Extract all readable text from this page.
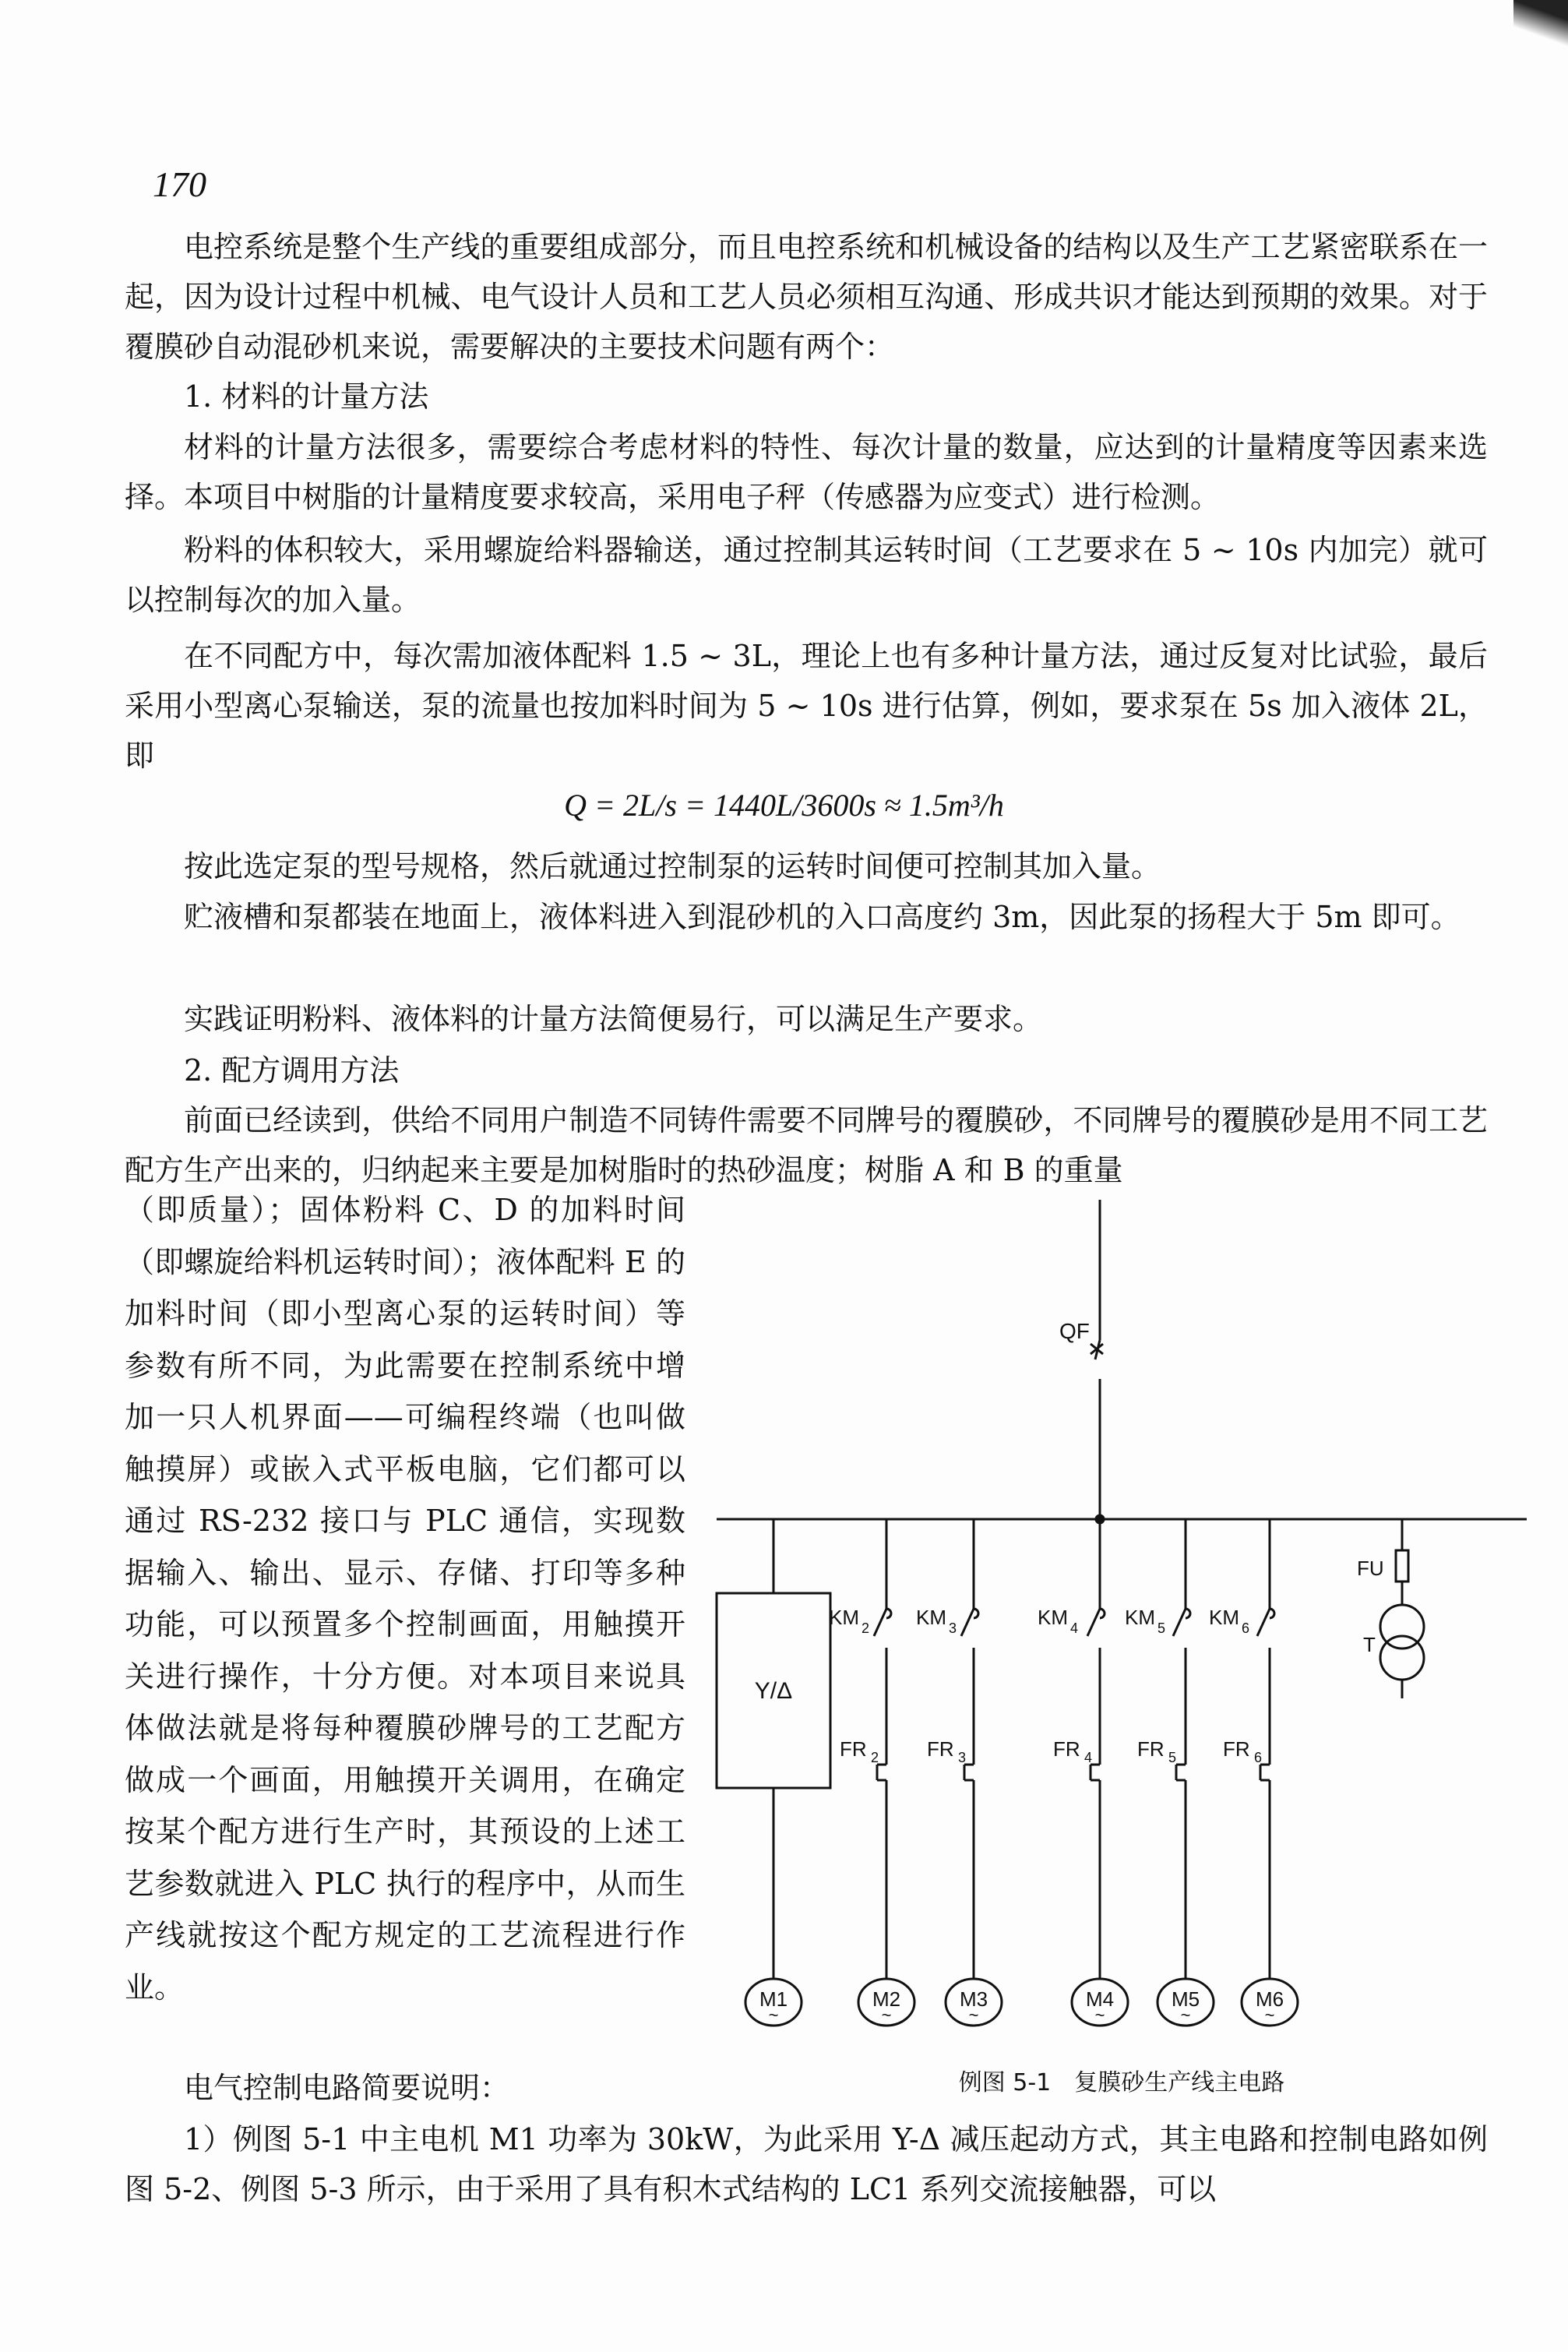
170

电控系统是整个生产线的重要组成部分，而且电控系统和机械设备的结构以及生产工艺紧密联系在一起，因为设计过程中机械、电气设计人员和工艺人员必须相互沟通、形成共识才能达到预期的效果。对于覆膜砂自动混砂机来说，需要解决的主要技术问题有两个：

1. 材料的计量方法

材料的计量方法很多，需要综合考虑材料的特性、每次计量的数量，应达到的计量精度等因素来选择。本项目中树脂的计量精度要求较高，采用电子秤（传感器为应变式）进行检测。

粉料的体积较大，采用螺旋给料器输送，通过控制其运转时间（工艺要求在 5 ~ 10s 内加完）就可以控制每次的加入量。

在不同配方中，每次需加液体配料 1.5 ~ 3L，理论上也有多种计量方法，通过反复对比试验，最后采用小型离心泵输送，泵的流量也按加料时间为 5 ~ 10s 进行估算，例如，要求泵在 5s 加入液体 2L，即

Q = 2L/s = 1440L/3600s ≈ 1.5m³/h

按此选定泵的型号规格，然后就通过控制泵的运转时间便可控制其加入量。

贮液槽和泵都装在地面上，液体料进入到混砂机的入口高度约 3m，因此泵的扬程大于 5m 即可。

实践证明粉料、液体料的计量方法简便易行，可以满足生产要求。

2. 配方调用方法

前面已经读到，供给不同用户制造不同铸件需要不同牌号的覆膜砂，不同牌号的覆膜砂是用不同工艺配方生产出来的，归纳起来主要是加树脂时的热砂温度；树脂 A 和 B 的重量

（即质量）；固体粉料 C、D 的加料时间（即螺旋给料机运转时间）；液体配料 E 的加料时间（即小型离心泵的运转时间）等参数有所不同，为此需要在控制系统中增加一只人机界面——可编程终端（也叫做触摸屏）或嵌入式平板电脑，它们都可以通过 RS-232 接口与 PLC 通信，实现数据输入、输出、显示、存储、打印等多种功能，可以预置多个控制画面，用触摸开关进行操作，十分方便。对本项目来说具体做法就是将每种覆膜砂牌号的工艺配方做成一个画面，用触摸开关调用，在确定按某个配方进行生产时，其预设的上述工艺参数就进入 PLC 执行的程序中，从而生产线就按这个配方规定的工艺流程进行作业。

电气控制电路简要说明：

1）例图 5-1 中主电机 M1 功率为 30kW，为此采用 Y-Δ 减压起动方式，其主电路和控制电路如例图 5-2、例图 5-3 所示，由于采用了具有积木式结构的 LC1 系列交流接触器，可以

QF
Y/Δ
M1
~
KM 2
FR 2
M2
~
KM 3
FR 3
M3
~
KM 4
FR 4
M4
~
KM 5
FR 5
M5
~
KM 6
FR 6
M6
~
FU
T
例图 5-1　复膜砂生产线主电路
